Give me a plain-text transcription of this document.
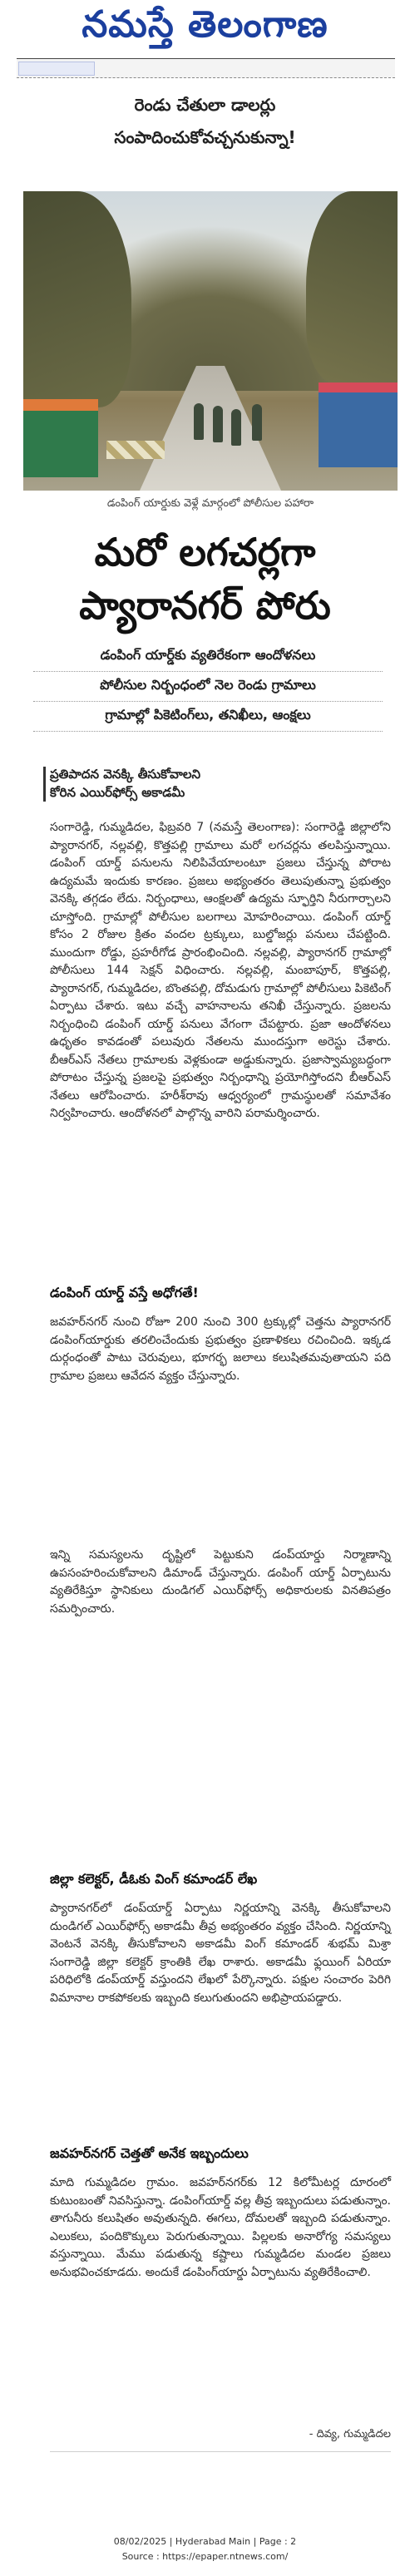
నమస్తే తెలంగాణ
రెండు చేతులా డాలర్లు
సంపాదించుకోవచ్చనుకున్నా!
డంపింగ్ యార్డుకు వెళ్లే మార్గంలో పోలీసుల పహారా
మరో లగచర్లగా
ప్యారానగర్ పోరు
డంపింగ్ యార్డ్‌కు వ్యతిరేకంగా ఆందోళనలు
పోలీసుల నిర్బంధంలో నెల రెండు గ్రామాలు
గ్రామాల్లో పికెటింగ్‌లు, తనిఖీలు, ఆంక్షలు
ప్రతిపాదన వెనక్కి తీసుకోవాలని
కోరిన ఎయిర్‌ఫోర్స్ అకాడమీ
సంగారెడ్డి, గుమ్మడిదల, ఫిబ్రవరి 7 (నమస్తే తెలంగాణ): సంగారెడ్డి జిల్లాలోని ప్యారానగర్, నల్లవల్లి, కొత్తపల్లి గ్రామాలు మరో లగచర్లను తలపిస్తున్నాయి. డంపింగ్ యార్డ్ పనులను నిలిపివేయాలంటూ ప్రజలు చేస్తున్న పోరాట ఉద్యమమే ఇందుకు కారణం. ప్రజలు అభ్యంతరం తెలుపుతున్నా ప్రభుత్వం వెనక్కి తగ్గడం లేదు. నిర్బంధాలు, ఆంక్షలతో ఉద్యమ స్ఫూర్తిని నీరుగార్చాలని చూస్తోంది. గ్రామాల్లో పోలీసుల బలగాలు మోహరించాయి. డంపింగ్ యార్డ్ కోసం 2 రోజుల క్రితం వందల ట్రక్కులు, బుల్డోజర్లు పనులు చేపట్టింది. ముందుగా రోడ్డు, ప్రహరీగోడ ప్రారంభించింది. నల్లవల్లి, ప్యారానగర్ గ్రామాల్లో పోలీసులు 144 సెక్షన్ విధించారు. నల్లవల్లి, మంబాపూర్, కొత్తపల్లి, ప్యారానగర్, గుమ్మడిదల, బొంతపల్లి, దోమడుగు గ్రామాల్లో పోలీసులు పికెటింగ్ ఏర్పాటు చేశారు. ఇటు వచ్చే వాహనాలను తనిఖీ చేస్తున్నారు. ప్రజలను నిర్బంధించి డంపింగ్ యార్డ్ పనులు వేగంగా చేపట్టారు. ప్రజా ఆందోళనలు ఉధృతం కావడంతో పలువురు నేతలను ముందస్తుగా అరెస్టు చేశారు. బీఆర్‌ఎస్ నేతలు గ్రామాలకు వెళ్లకుండా అడ్డుకున్నారు. ప్రజాస్వామ్యబద్ధంగా పోరాటం చేస్తున్న ప్రజలపై ప్రభుత్వం నిర్బంధాన్ని ప్రయోగిస్తోందని బీఆర్‌ఎస్ నేతలు ఆరోపించారు. హరీశ్‌రావు ఆధ్వర్యంలో గ్రామస్థులతో సమావేశం నిర్వహించారు. ఆందోళనలో పాల్గొన్న వారిని పరామర్శించారు.
డంపింగ్ యార్డ్ వస్తే అధోగతే!
జవహర్‌నగర్ నుంచి రోజూ 200 నుంచి 300 ట్రక్కుల్లో చెత్తను ప్యారానగర్ డంపింగ్‌యార్డుకు తరలించేందుకు ప్రభుత్వం ప్రణాళికలు రచించింది. ఇక్కడ దుర్గంధంతో పాటు చెరువులు, భూగర్భ జలాలు కలుషితమవుతాయని పది గ్రామాల ప్రజలు ఆవేదన వ్యక్తం చేస్తున్నారు.
ఇన్ని సమస్యలను దృష్టిలో పెట్టుకుని డంప్‌యార్డు నిర్మాణాన్ని ఉపసంహరించుకోవాలని డిమాండ్ చేస్తున్నారు. డంపింగ్ యార్డ్ ఏర్పాటును వ్యతిరేకిస్తూ స్థానికులు దుండిగల్ ఎయిర్‌ఫోర్స్ అధికారులకు వినతిపత్రం సమర్పించారు.
జిల్లా కలెక్టర్, డీఓకు వింగ్ కమాండర్ లేఖ
ప్యారానగర్‌లో డంప్‌యార్డ్ ఏర్పాటు నిర్ణయాన్ని వెనక్కి తీసుకోవాలని దుండిగల్ ఎయిర్‌ఫోర్స్ అకాడమీ తీవ్ర అభ్యంతరం వ్యక్తం చేసింది. నిర్ణయాన్ని వెంటనే వెనక్కి తీసుకోవాలని అకాడమీ వింగ్ కమాండర్ శుభమ్ మిశ్రా సంగారెడ్డి జిల్లా కలెక్టర్ క్రాంతికి లేఖ రాశారు. అకాడమీ ఫ్లయింగ్ ఏరియా పరిధిలోకి డంప్‌యార్డ్ వస్తుందని లేఖలో పేర్కొన్నారు. పక్షుల సంచారం పెరిగి విమానాల రాకపోకలకు ఇబ్బంది కలుగుతుందని అభిప్రాయపడ్డారు.
జవహర్‌నగర్ చెత్తతో అనేక ఇబ్బందులు
మాది గుమ్మడిదల గ్రామం. జవహర్‌నగర్‌కు 12 కిలోమీటర్ల దూరంలో కుటుంబంతో నివసిస్తున్నా. డంపింగ్‌యార్డ్ వల్ల తీవ్ర ఇబ్బందులు పడుతున్నాం. తాగునీరు కలుషితం అవుతున్నది. ఈగలు, దోమలతో ఇబ్బంది పడుతున్నాం. ఎలుకలు, పందికొక్కులు పెరుగుతున్నాయి. పిల్లలకు అనారోగ్య సమస్యలు వస్తున్నాయి. మేము పడుతున్న కష్టాలు గుమ్మడిదల మండల ప్రజలు అనుభవించకూడదు. అందుకే డంపింగ్‌యార్డు ఏర్పాటును వ్యతిరేకించాలి.
- దివ్య, గుమ్మడిదల
08/02/2025 | Hyderabad Main | Page : 2
Source : https://epaper.ntnews.com/
